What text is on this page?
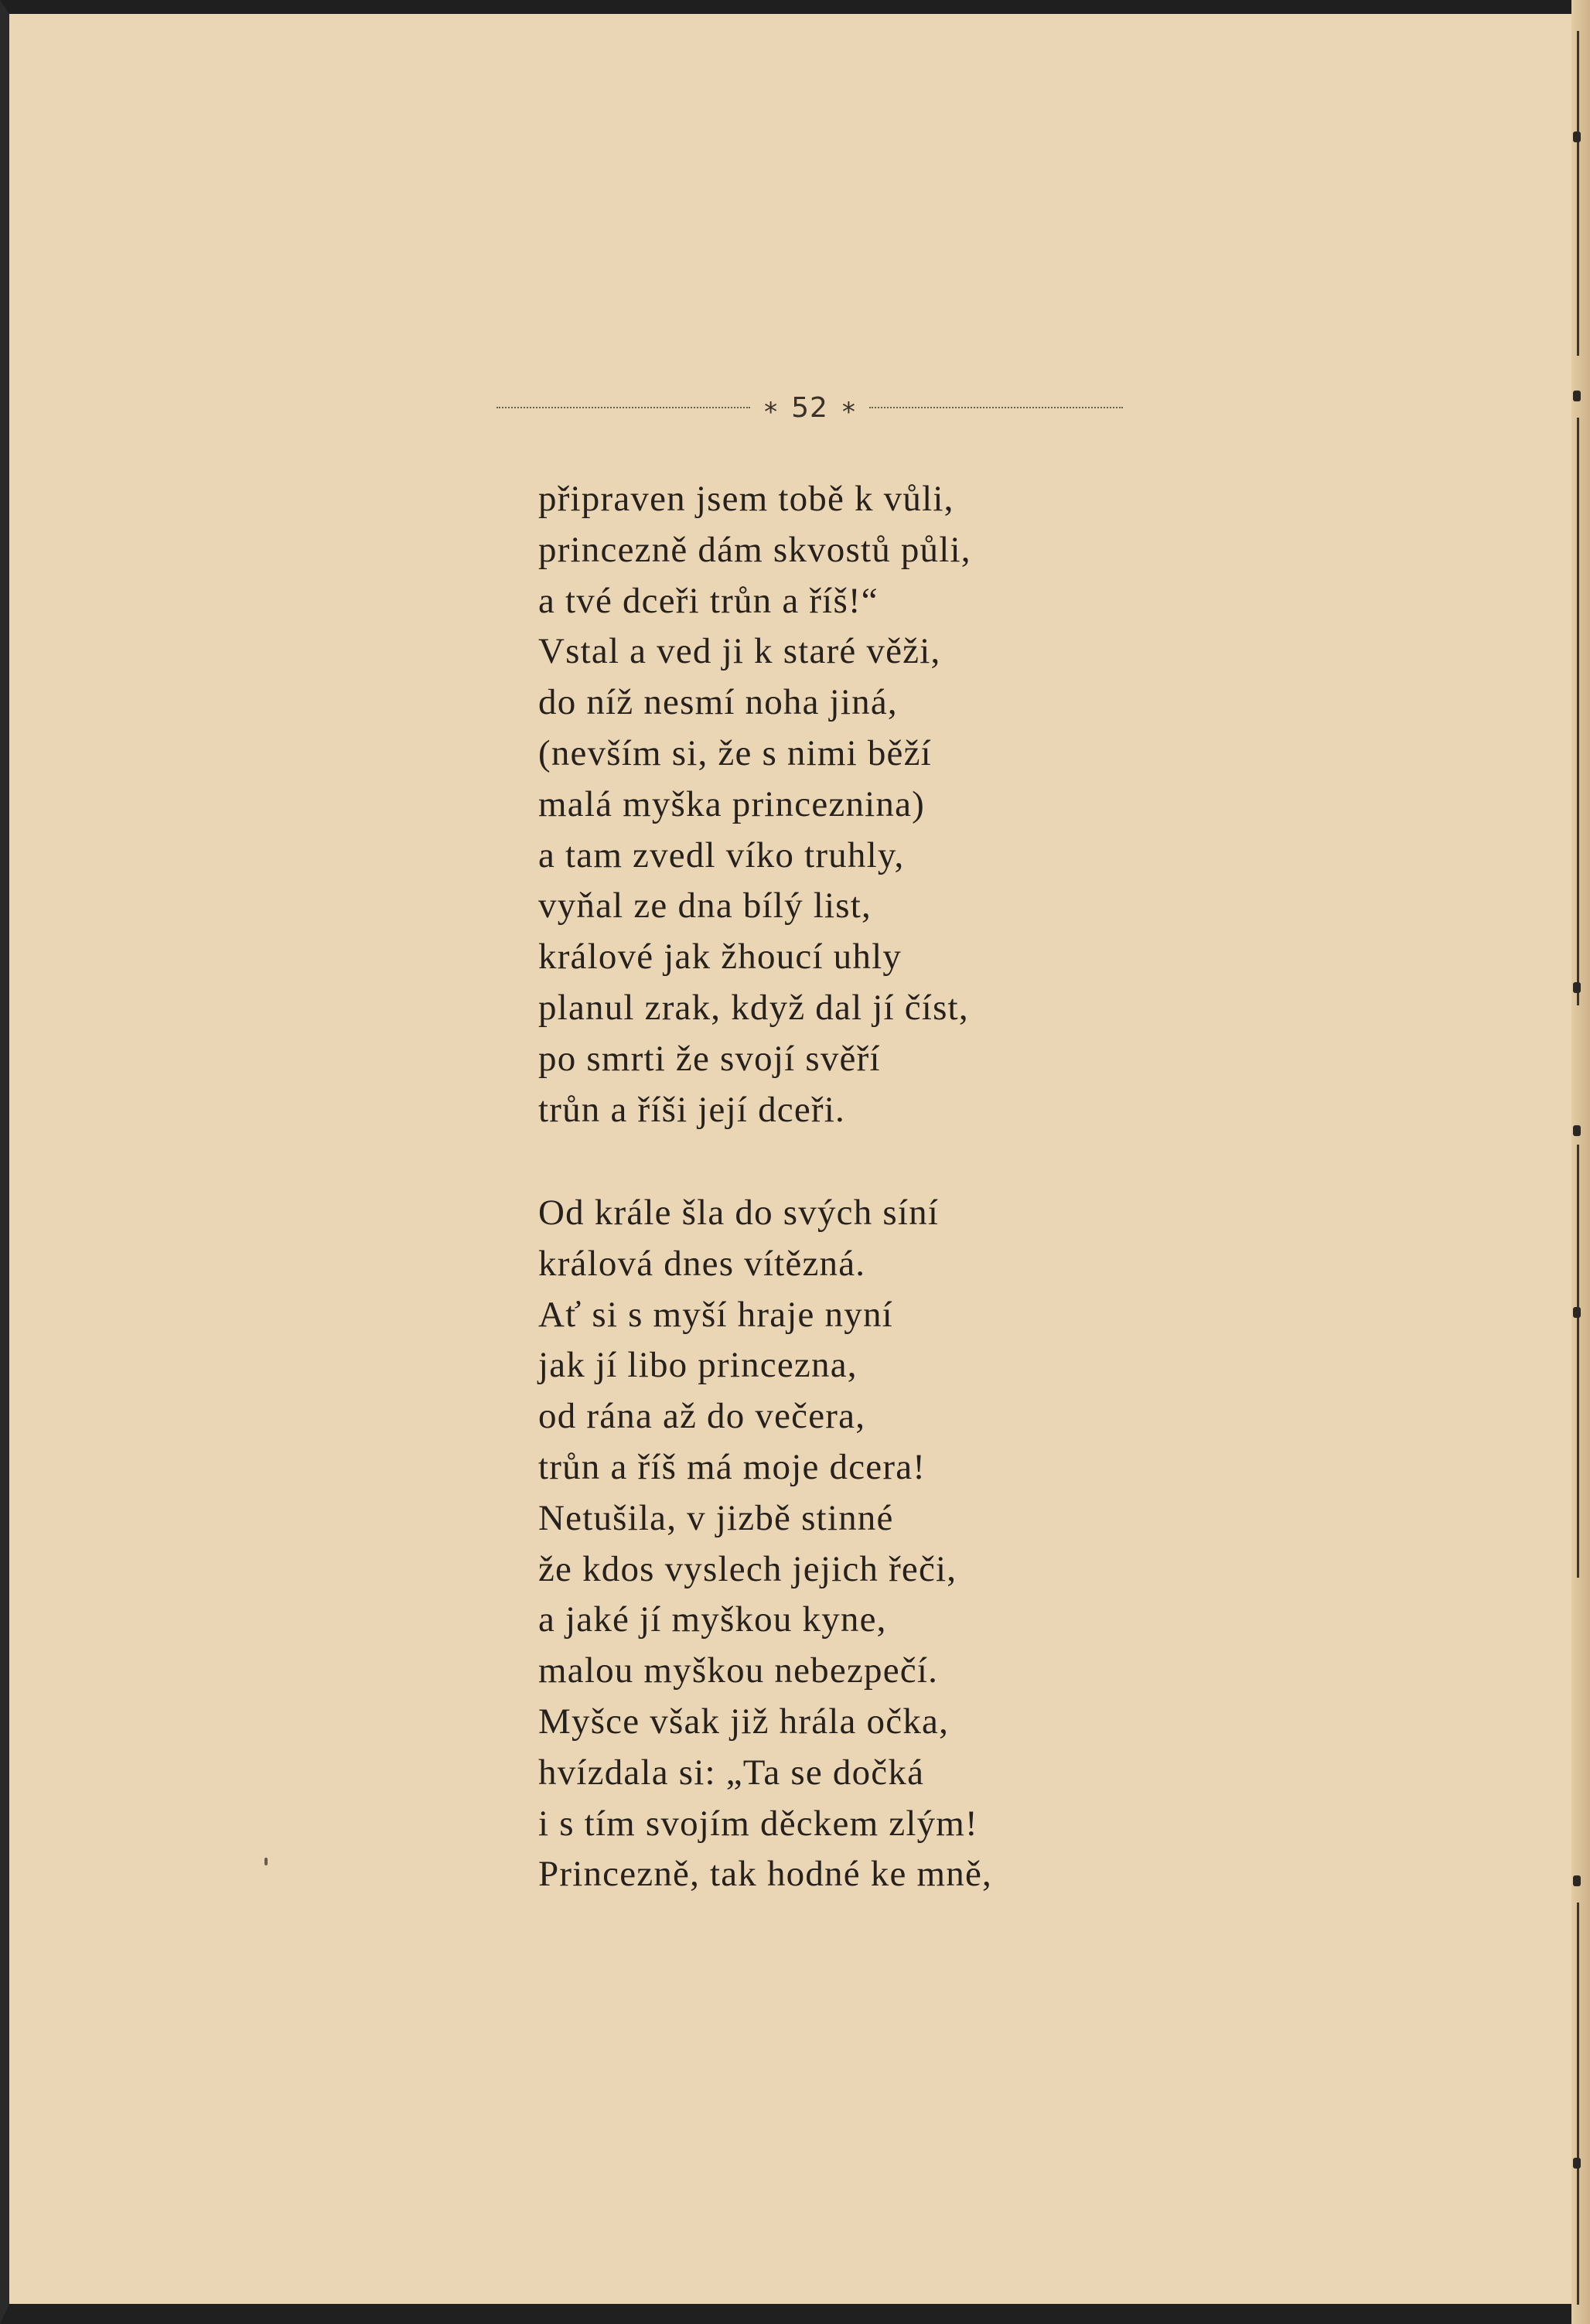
* 52 *
připraven jsem tobě k vůli,
princezně dám skvostů půli,
a tvé dceři trůn a říš!“
Vstal a ved ji k staré věži,
do níž nesmí noha jiná,
(nevším si, že s nimi běží
malá myška princeznina)
a tam zvedl víko truhly,
vyňal ze dna bílý list,
králové jak žhoucí uhly
planul zrak, když dal jí číst,
po smrti že svojí svěří
trůn a říši její dceři.
Od krále šla do svých síní
králová dnes vítězná.
Ať si s myší hraje nyní
jak jí libo princezna,
od rána až do večera,
trůn a říš má moje dcera!
Netušila, v jizbě stinné
že kdos vyslech jejich řeči,
a jaké jí myškou kyne,
malou myškou nebezpečí.
Myšce však již hrála očka,
hvízdala si: „Ta se dočká
i s tím svojím děckem zlým!
Princezně, tak hodné ke mně,
